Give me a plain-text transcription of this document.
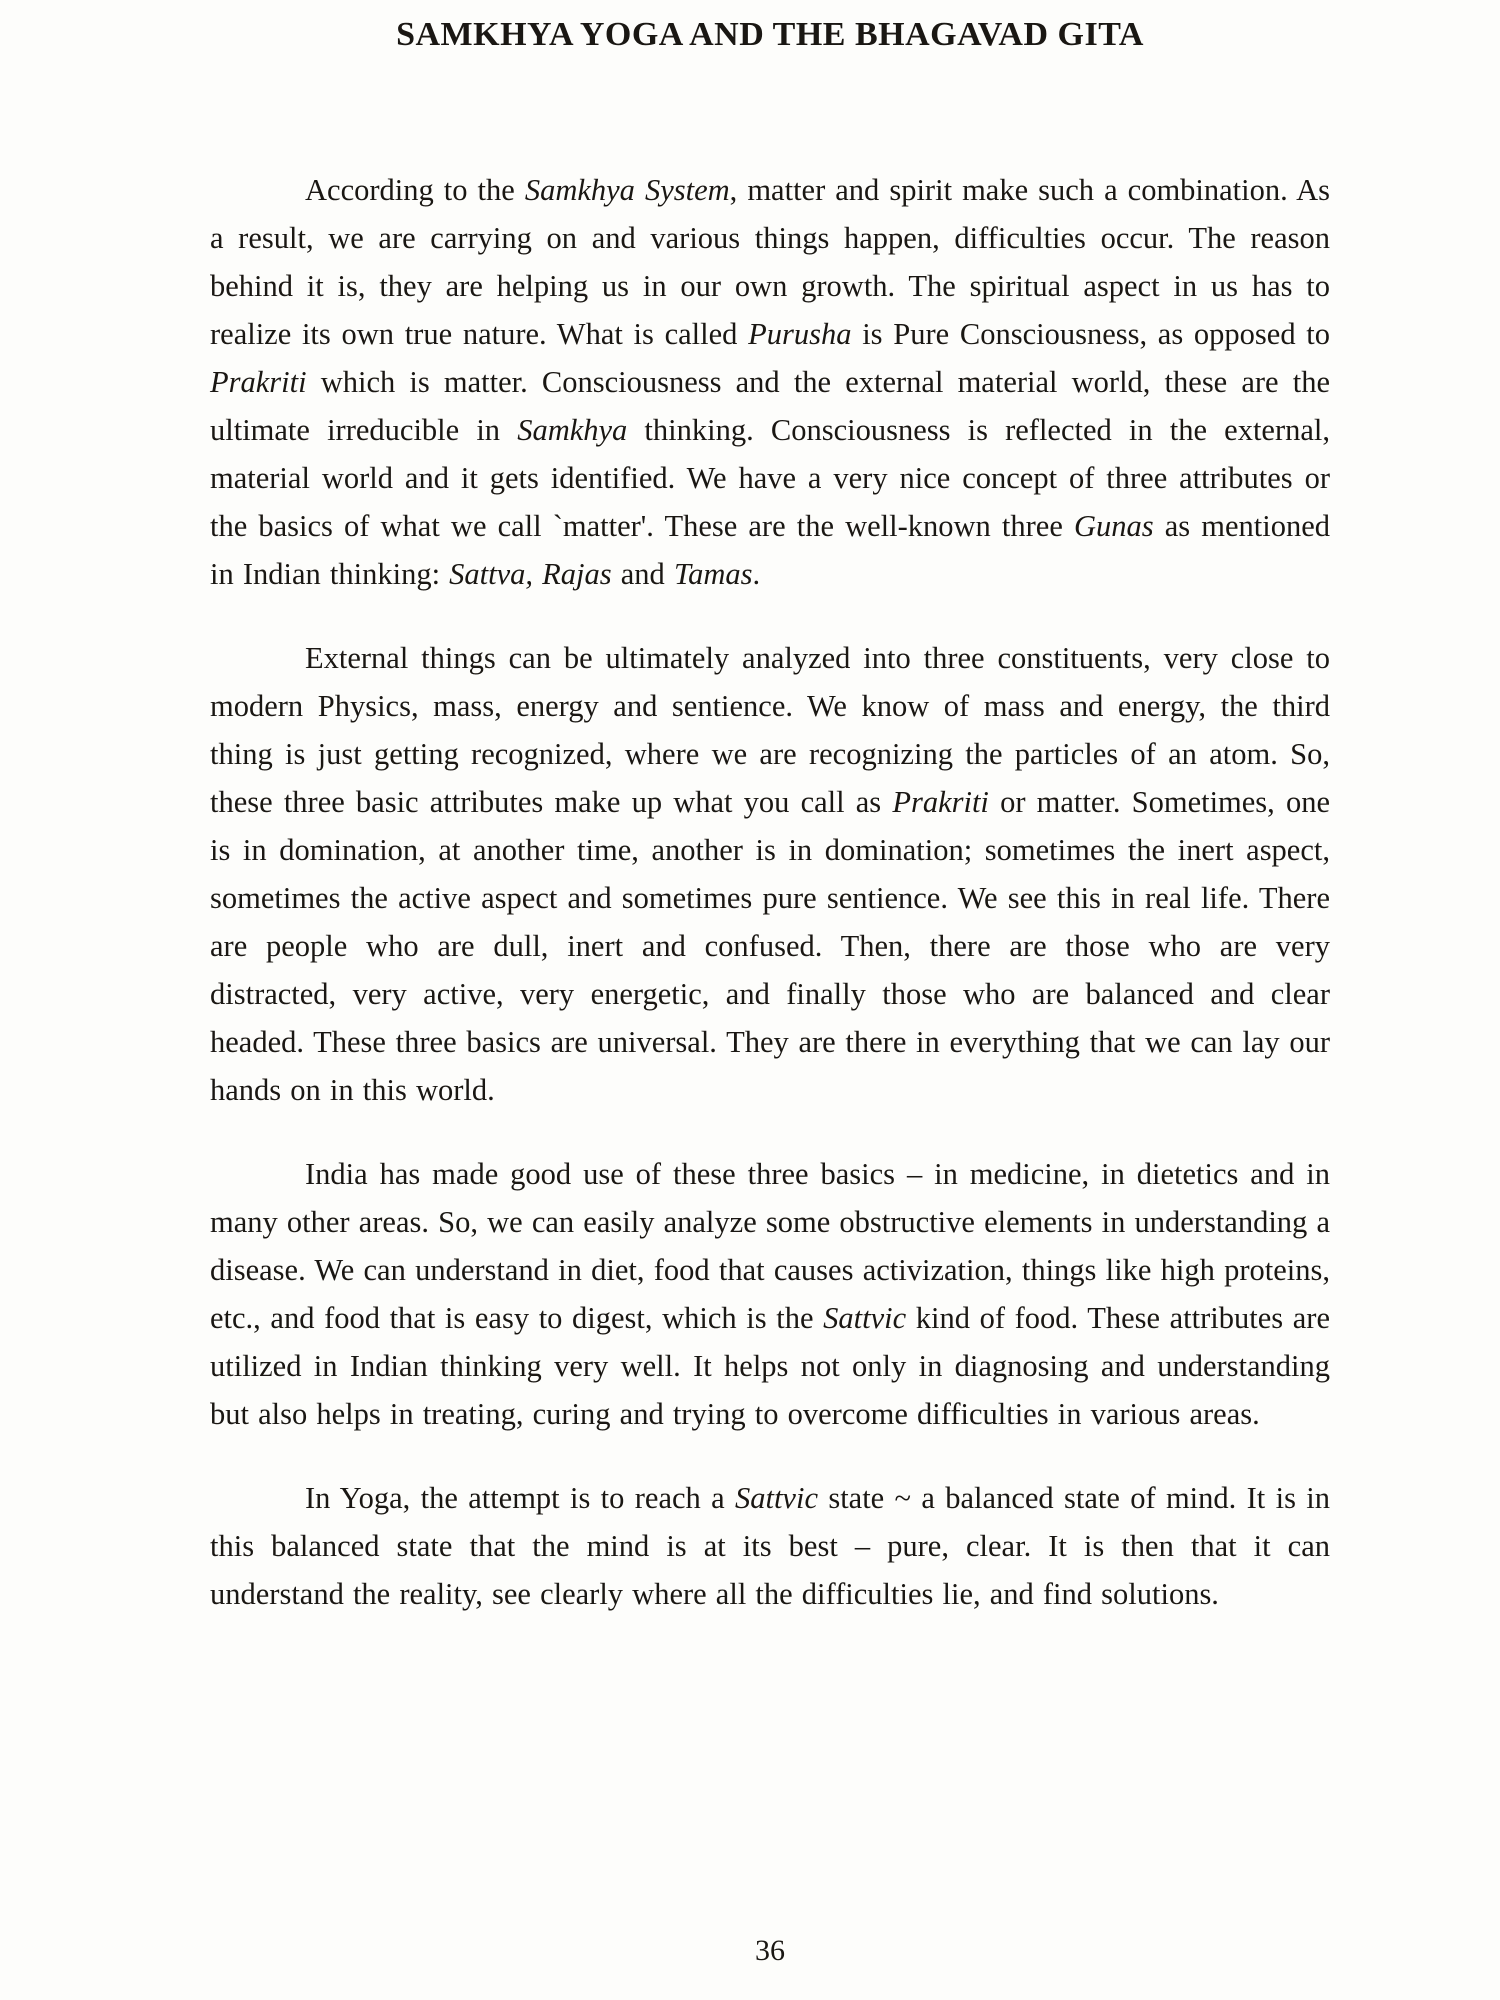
SAMKHYA YOGA AND THE BHAGAVAD GITA

According to the Samkhya System, matter and spirit make such a combination. As a result, we are carrying on and various things happen, difficulties occur. The reason behind it is, they are helping us in our own growth. The spiritual aspect in us has to realize its own true nature. What is called Purusha is Pure Consciousness, as opposed to Prakriti which is matter. Consciousness and the external material world, these are the ultimate irreducible in Samkhya thinking. Consciousness is reflected in the external, material world and it gets identified. We have a very nice concept of three attributes or the basics of what we call `matter'. These are the well-known three Gunas as mentioned in Indian thinking: Sattva, Rajas and Tamas.

External things can be ultimately analyzed into three constituents, very close to modern Physics, mass, energy and sentience. We know of mass and energy, the third thing is just getting recognized, where we are recognizing the particles of an atom. So, these three basic attributes make up what you call as Prakriti or matter. Sometimes, one is in domination, at another time, another is in domination; sometimes the inert aspect, sometimes the active aspect and sometimes pure sentience. We see this in real life. There are people who are dull, inert and confused. Then, there are those who are very distracted, very active, very energetic, and finally those who are balanced and clear headed. These three basics are universal. They are there in everything that we can lay our hands on in this world.

India has made good use of these three basics – in medicine, in dietetics and in many other areas. So, we can easily analyze some obstructive elements in understanding a disease. We can understand in diet, food that causes activization, things like high proteins, etc., and food that is easy to digest, which is the Sattvic kind of food. These attributes are utilized in Indian thinking very well. It helps not only in diagnosing and understanding but also helps in treating, curing and trying to overcome difficulties in various areas.

In Yoga, the attempt is to reach a Sattvic state ~ a balanced state of mind. It is in this balanced state that the mind is at its best – pure, clear. It is then that it can understand the reality, see clearly where all the difficulties lie, and find solutions.

36
